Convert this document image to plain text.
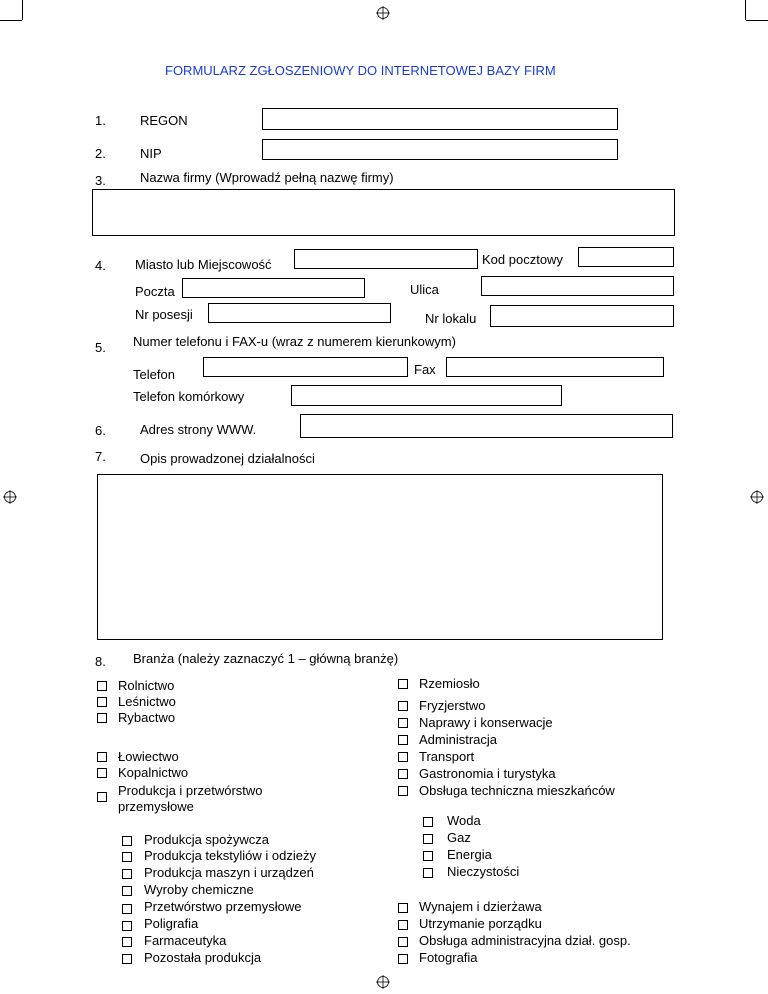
FORMULARZ ZGŁOSZENIOWY DO INTERNETOWEJ BAZY FIRM
1.	REGON
2.	NIP
3.	Nazwa firmy (Wprowadź pełną nazwę firmy)
4. Miasto lub Miejscowość	Kod pocztowy
Poczta	Ulica
Nr posesji	Nr lokalu
5. Numer telefonu i FAX-u (wraz z numerem kierunkowym)
Telefon	Fax
Telefon komórkowy
6.	Adres strony WWW.
7.	Opis prowadzonej działalności
8. Branża (należy zaznaczyć 1 – główną branżę)
Rolnictwo
Leśnictwo
Rybactwo
Łowiectwo
Kopalnictwo
Produkcja i przetwórstwo
przemysłowe
Produkcja spożywcza
Produkcja tekstyliów i odzieży
Produkcja maszyn i urządzeń
Wyroby chemiczne
Przetwórstwo przemysłowe
Poligrafia
Farmaceutyka
Pozostała produkcja
Rzemiosło
Fryzjerstwo
Naprawy i konserwacje
Administracja
Transport
Gastronomia i turystyka
Obsługa techniczna mieszkańców
Woda
Gaz
Energia
Nieczystości
Wynajem i dzierżawa
Utrzymanie porządku
Obsługa administracyjna dział. gosp.
Fotografia
